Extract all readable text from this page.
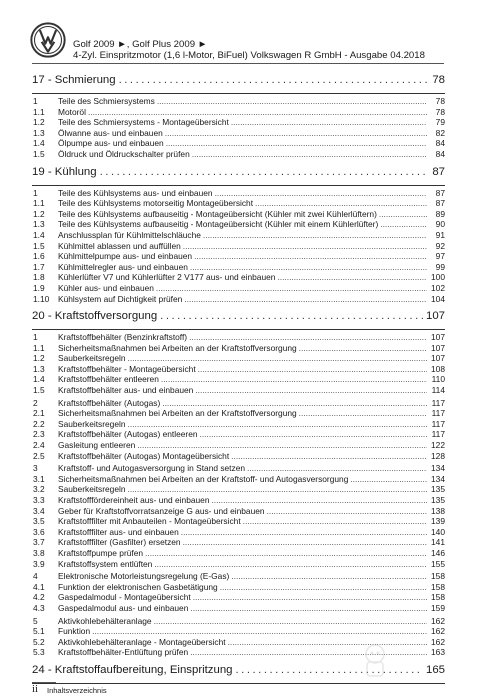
Golf 2009 ►, Golf Plus 2009 ►
4-Zyl. Einspritzmotor (1,6 l-Motor, BiFuel) Volkswagen R GmbH - Ausgabe 04.2018
17 - Schmierung .....	78
1	Teile des Schmiersystems .....	78
1.1	Motoröl .....	78
1.2	Teile des Schmiersystems - Montageübersicht .....	79
1.3	Ölwanne aus- und einbauen .....	82
1.4	Ölpumpe aus- und einbauen .....	84
1.5	Öldruck und Öldruckschalter prüfen .....	84
19 - Kühlung .....	87
1	Teile des Kühlsystems aus- und einbauen .....	87
1.1	Teile des Kühlsystems motorseitig Montageübersicht .....	87
1.2	Teile des Kühlsystems aufbauseitig - Montageübersicht (Kühler mit zwei Kühlerlüftern) .....	89
1.3	Teile des Kühlsystems aufbauseitig - Montageübersicht (Kühler mit einem Kühlerlüfter) .....	90
1.4	Anschlussplan für Kühlmittelschläuche .....	91
1.5	Kühlmittel ablassen und auffüllen .....	92
1.6	Kühlmittelpumpe aus- und einbauen .....	97
1.7	Kühlmittelregler aus- und einbauen .....	99
1.8	Kühlerlüfter V7 und Kühlerlüfter 2 V177 aus- und einbauen .....	100
1.9	Kühler aus- und einbauen .....	102
1.10	Kühlsystem auf Dichtigkeit prüfen .....	104
20 - Kraftstoffversorgung .....	107
1	Kraftstoffbehälter (Benzinkraftstoff) .....	107
1.1	Sicherheitsmaßnahmen bei Arbeiten an der Kraftstoffversorgung .....	107
1.2	Sauberkeitsregeln .....	107
1.3	Kraftstoffbehälter - Montageübersicht .....	108
1.4	Kraftstoffbehälter entleeren .....	110
1.5	Kraftstoffbehälter aus- und einbauen .....	114
2	Kraftstoffbehälter (Autogas) .....	117
2.1	Sicherheitsmaßnahmen bei Arbeiten an der Kraftstoffversorgung .....	117
2.2	Sauberkeitsregeln .....	117
2.3	Kraftstoffbehälter (Autogas) entleeren .....	117
2.4	Gasleitung entleeren .....	122
2.5	Kraftstoffbehälter (Autogas) Montageübersicht .....	128
3	Kraftstoff- und Autogasversorgung in Stand setzen .....	134
3.1	Sicherheitsmaßnahmen bei Arbeiten an der Kraftstoff- und Autogasversorgung .....	134
3.2	Sauberkeitsregeln .....	135
3.3	Kraftstofffördereinheit aus- und einbauen .....	135
3.4	Geber für Kraftstoffvorratsanzeige G aus- und einbauen .....	138
3.5	Kraftstofffilter mit Anbauteilen - Montageübersicht .....	139
3.6	Kraftstofffilter aus- und einbauen .....	140
3.7	Kraftstofffilter (Gasfilter) ersetzen .....	141
3.8	Kraftstoffpumpe prüfen .....	146
3.9	Kraftstoffsystem entlüften .....	155
4	Elektronische Motorleistungsregelung (E-Gas) .....	158
4.1	Funktion der elektronischen Gasbetätigung .....	158
4.2	Gaspedalmodul - Montageübersicht .....	158
4.3	Gaspedalmodul aus- und einbauen .....	159
5	Aktivkohlebehälteranlage .....	162
5.1	Funktion .....	162
5.2	Aktivkohlebehälteranlage - Montageübersicht .....	162
5.3	Kraftstoffbehälter-Entlüftung prüfen .....	163
24 - Kraftstoffaufbereitung, Einspritzung .....	165
ii Inhaltsverzeichnis
